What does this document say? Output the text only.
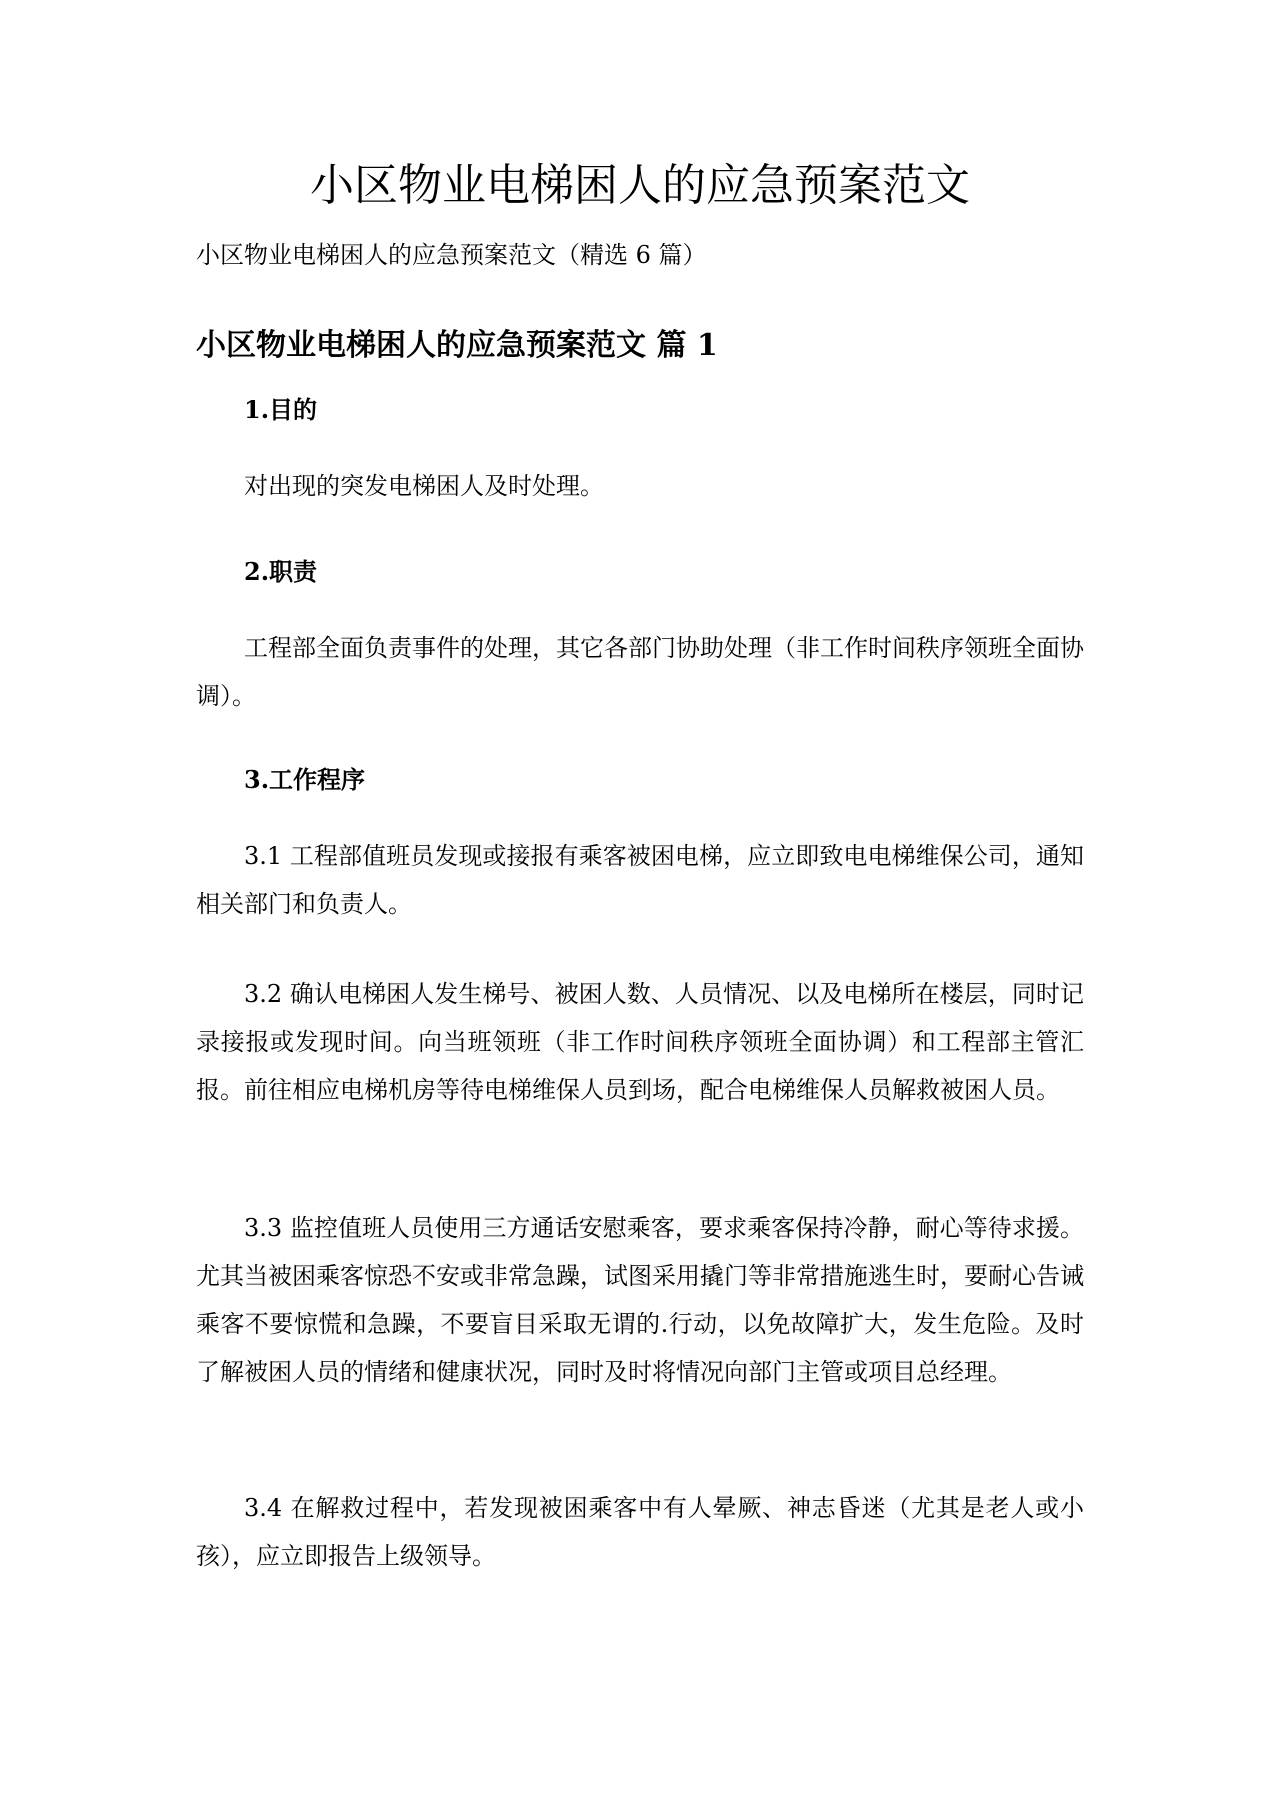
小区物业电梯困人的应急预案范文

小区物业电梯困人的应急预案范文（精选 6 篇）

小区物业电梯困人的应急预案范文 篇 1
1.目的

对出现的突发电梯困人及时处理。

2.职责

工程部全面负责事件的处理，其它各部门协助处理（非工作时间秩序领班全面协调）。

3.工作程序

3.1 工程部值班员发现或接报有乘客被困电梯，应立即致电电梯维保公司，通知相关部门和负责人。

3.2 确认电梯困人发生梯号、被困人数、人员情况、以及电梯所在楼层，同时记录接报或发现时间。向当班领班（非工作时间秩序领班全面协调）和工程部主管汇报。前往相应电梯机房等待电梯维保人员到场，配合电梯维保人员解救被困人员。

3.3 监控值班人员使用三方通话安慰乘客，要求乘客保持冷静，耐心等待求援。尤其当被困乘客惊恐不安或非常急躁，试图采用撬门等非常措施逃生时，要耐心告诫乘客不要惊慌和急躁，不要盲目采取无谓的.行动，以免故障扩大，发生危险。及时了解被困人员的情绪和健康状况，同时及时将情况向部门主管或项目总经理。

3.4 在解救过程中，若发现被困乘客中有人晕厥、神志昏迷（尤其是老人或小孩），应立即报告上级领导。
